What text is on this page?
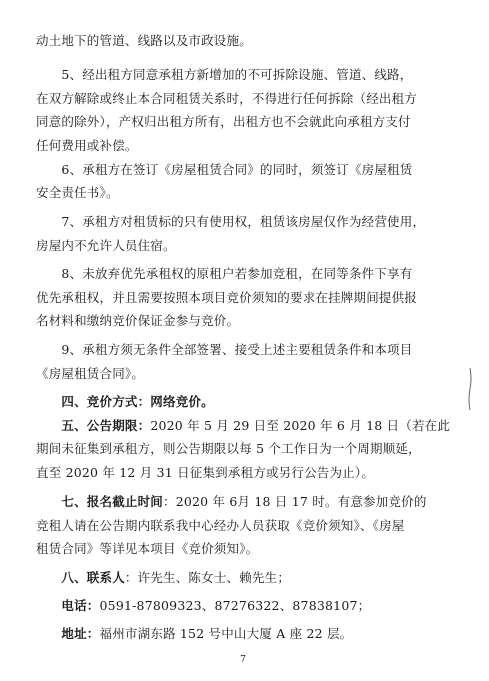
动土地下的管道、线路以及市政设施。
　　5、经出租方同意承租方新增加的不可拆除设施、管道、线路，
在双方解除或终止本合同租赁关系时，不得进行任何拆除（经出租方
同意的除外），产权归出租方所有，出租方也不会就此向承租方支付
任何费用或补偿。
　　6、承租方在签订《房屋租赁合同》的同时，须签订《房屋租赁
安全责任书》。
　　7、承租方对租赁标的只有使用权，租赁该房屋仅作为经营使用，
房屋内不允许人员住宿。
　　8、未放弃优先承租权的原租户若参加竞租，在同等条件下享有
优先承租权，并且需要按照本项目竞价须知的要求在挂牌期间提供报
名材料和缴纳竞价保证金参与竞价。
　　9、承租方须无条件全部签署、接受上述主要租赁条件和本项目
《房屋租赁合同》。
　　四、竞价方式：网络竞价。
　　五、公告期限：2020 年 5 月 29 日至 2020 年 6 月 18 日（若在此
期间未征集到承租方，则公告期限以每 5 个工作日为一个周期顺延，
直至 2020 年 12 月 31 日征集到承租方或另行公告为止）。
　　七、报名截止时间：2020 年 6月 18 日 17 时。有意参加竞价的
竞租人请在公告期内联系我中心经办人员获取《竞价须知》、《房屋
租赁合同》等详见本项目《竞价须知》。
　　八、联系人：许先生、陈女士、赖先生；
　　电话：0591-87809323、87276322、87838107；
　　地址：福州市湖东路 152 号中山大厦 A 座 22 层。
7
